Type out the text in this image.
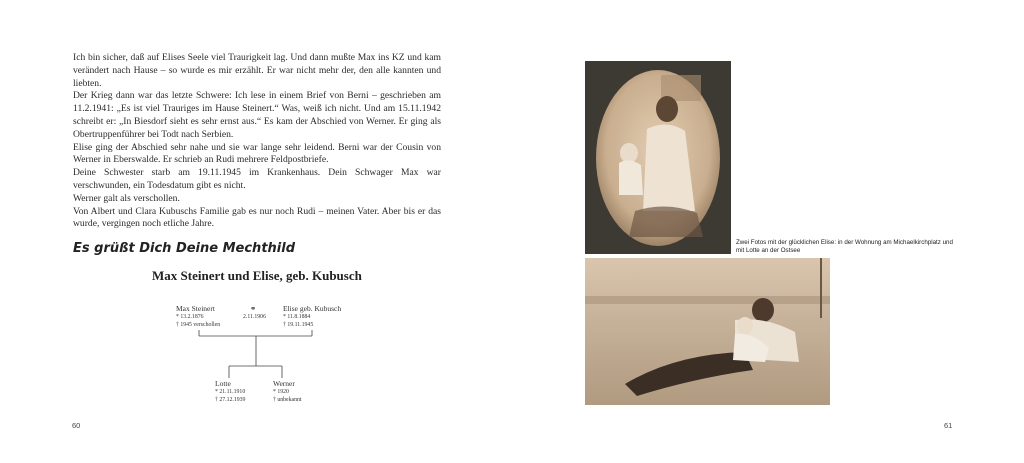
Ich bin sicher, daß auf Elises Seele viel Traurigkeit lag. Und dann mußte Max ins KZ und kam verändert nach Hause – so wurde es mir erzählt. Er war nicht mehr der, den alle kannten und liebten.

Der Krieg dann war das letzte Schwere: Ich lese in einem Brief von Berni – geschrieben am 11.2.1941: „Es ist viel Trauriges im Hause Steinert.“ Was, weiß ich nicht. Und am 15.11.1942 schreibt er: „In Biesdorf sieht es sehr ernst aus.“ Es kam der Abschied von Werner. Er ging als Obertruppenführer bei Todt nach Serbien.

Elise ging der Abschied sehr nahe und sie war lange sehr leidend. Berni war der Cousin von Werner in Eberswalde. Er schrieb an Rudi mehrere Feldpostbriefe.

Deine Schwester starb am 19.11.1945 im Krankenhaus. Dein Schwager Max war verschwunden, ein Todesdatum gibt es nicht.

Werner galt als verschollen.

Von Albert und Clara Kubuschs Familie gab es nur noch Rudi – meinen Vater. Aber bis er das wurde, vergingen noch etliche Jahre.

Es grüßt Dich Deine Mechthild
Max Steinert und Elise, geb. Kubusch
Max Steinert
* 13.2.1876
† 1945 verschollen
⚭
2.11.1906
Elise geb. Kubusch
* 11.8.1884
† 19.11.1945
Lotte
* 21.11.1910
† 27.12.1939
Werner
* 1920
† unbekannt
60
Zwei Fotos mit der glücklichen Elise: in der Wohnung am Michaelkirchplatz und mit Lotte an der Ostsee
61
